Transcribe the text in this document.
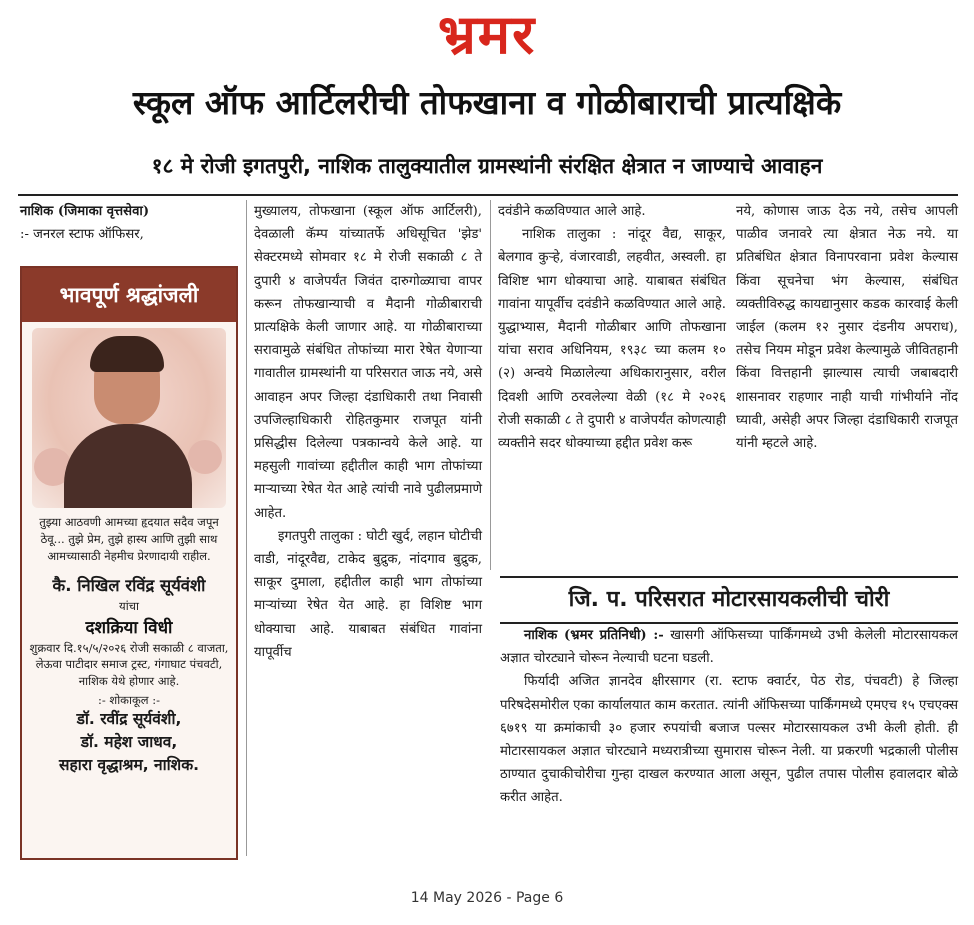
भ्रमर
स्कूल ऑफ आर्टिलरीची तोफखाना व गोळीबाराची प्रात्यक्षिके
१८ मे रोजी इगतपुरी, नाशिक तालुक्यातील ग्रामस्थांनी संरक्षित क्षेत्रात न जाण्याचे आवाहन

नाशिक (जिमाका वृत्तसेवा)

:- जनरल स्टाफ ऑफिसर,

भावपूर्ण श्रद्धांजली
तुझ्या आठवणी आमच्या हृदयात सदैव जपून ठेवू... तुझे प्रेम, तुझे हास्य आणि तुझी साथ आमच्यासाठी नेहमीच प्रेरणादायी राहील.
कै. निखिल रविंद्र सूर्यवंशी
यांचा
दशक्रिया विधी
शुक्रवार दि.१५/५/२०२६ रोजी सकाळी ८ वाजता, लेऊवा पाटीदार समाज ट्रस्ट, गंगाघाट पंचवटी, नाशिक येथे होणार आहे.
:- शोकाकूल :-
डॉ. रवींद्र सूर्यवंशी,
डॉ. महेश जाधव,
सहारा वृद्धाश्रम, नाशिक.

मुख्यालय, तोफखाना (स्कूल ऑफ आर्टिलरी), देवळाली कॅम्प यांच्यातर्फे अधिसूचित 'झेड' सेक्टरमध्ये सोमवार १८ मे रोजी सकाळी ८ ते दुपारी ४ वाजेपर्यंत जिवंत दारुगोळ्याचा वापर करून तोफखान्याची व मैदानी गोळीबाराची प्रात्यक्षिके केली जाणार आहे. या गोळीबाराच्या सरावामुळे संबंधित तोफांच्या मारा रेषेत येणाऱ्या गावातील ग्रामस्थांनी या परिसरात जाऊ नये, असे आवाहन अपर जिल्हा दंडाधिकारी तथा निवासी उपजिल्हाधिकारी रोहितकुमार राजपूत यांनी प्रसिद्धीस दिलेल्या पत्रकान्वये केले आहे. या महसुली गावांच्या हद्दीतील काही भाग तोफांच्या माऱ्याच्या रेषेत येत आहे त्यांची नावे पुढीलप्रमाणे आहेत.

इगतपुरी तालुका : घोटी खुर्द, लहान घोटीची वाडी, नांदूरवैद्य, टाकेद बुद्रुक, नांदगाव बुद्रुक, साकूर दुमाला, हद्दीतील काही भाग तोफांच्या माऱ्यांच्या रेषेत येत आहे. हा विशिष्ट भाग धोक्याचा आहे. याबाबत संबंधित गावांना यापूर्वीच

दवंडीने कळविण्यात आले आहे.

नाशिक तालुका : नांदूर वैद्य, साकूर, बेलगाव कुऱ्हे, वंजारवाडी, लहवीत, अस्वली. हा विशिष्ट भाग धोक्याचा आहे. याबाबत संबंधित गावांना यापूर्वीच दवंडीने कळविण्यात आले आहे. युद्धाभ्यास, मैदानी गोळीबार आणि तोफखाना यांचा सराव अधिनियम, १९३८ च्या कलम १० (२) अन्वये मिळालेल्या अधिकारानुसार, वरील दिवशी आणि ठरवलेल्या वेळी (१८ मे २०२६ रोजी सकाळी ८ ते दुपारी ४ वाजेपर्यंत कोणत्याही व्यक्तीने सदर धोक्याच्या हद्दीत प्रवेश करू

नये, कोणास जाऊ देऊ नये, तसेच आपली पाळीव जनावरे त्या क्षेत्रात नेऊ नये. या प्रतिबंधित क्षेत्रात विनापरवाना प्रवेश केल्यास किंवा सूचनेचा भंग केल्यास, संबंधित व्यक्तीविरुद्ध कायद्यानुसार कडक कारवाई केली जाईल (कलम १२ नुसार दंडनीय अपराध), तसेच नियम मोडून प्रवेश केल्यामुळे जीवितहानी किंवा वित्तहानी झाल्यास त्याची जबाबदारी शासनावर राहणार नाही याची गांभीर्याने नोंद घ्यावी, असेही अपर जिल्हा दंडाधिकारी राजपूत यांनी म्हटले आहे.

जि. प. परिसरात मोटारसायकलीची चोरी

नाशिक (भ्रमर प्रतिनिधी) :- खासगी ऑफिसच्या पार्किंगमध्ये उभी केलेली मोटारसायकल अज्ञात चोरट्याने चोरून नेल्याची घटना घडली.

फिर्यादी अजित ज्ञानदेव क्षीरसागर (रा. स्टाफ क्वार्टर, पेठ रोड, पंचवटी) हे जिल्हा परिषदेसमोरील एका कार्यालयात काम करतात. त्यांनी ऑफिसच्या पार्किंगमध्ये एमएच १५ एचएक्स ६७१९ या क्रमांकाची ३० हजार रुपयांची बजाज पल्सर मोटारसायकल उभी केली होती. ही मोटारसायकल अज्ञात चोरट्याने मध्यरात्रीच्या सुमारास चोरून नेली. या प्रकरणी भद्रकाली पोलीस ठाण्यात दुचाकीचोरीचा गुन्हा दाखल करण्यात आला असून, पुढील तपास पोलीस हवालदार बोळे करीत आहेत.

14 May 2026 - Page 6
